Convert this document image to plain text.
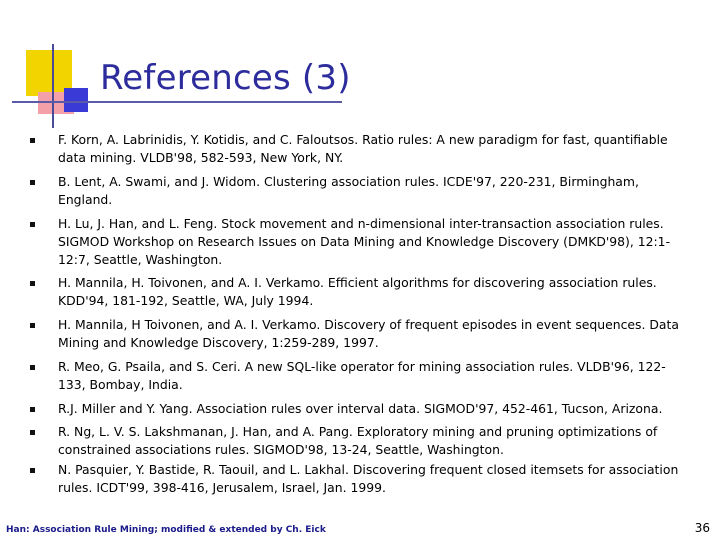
References (3)
F. Korn, A. Labrinidis, Y. Kotidis, and C. Faloutsos. Ratio rules: A new paradigm for fast, quantifiable data mining. VLDB'98, 582-593, New York, NY.
B. Lent, A. Swami, and J. Widom. Clustering association rules. ICDE'97, 220-231, Birmingham, England.
H. Lu, J. Han, and L. Feng. Stock movement and n-dimensional inter-transaction association rules. SIGMOD Workshop on Research Issues on Data Mining and Knowledge Discovery (DMKD'98), 12:1-12:7, Seattle, Washington.
H. Mannila, H. Toivonen, and A. I. Verkamo. Efficient algorithms for discovering association rules. KDD'94, 181-192, Seattle, WA, July 1994.
H. Mannila, H Toivonen, and A. I. Verkamo. Discovery of frequent episodes in event sequences. Data Mining and Knowledge Discovery, 1:259-289, 1997.
R. Meo, G. Psaila, and S. Ceri. A new SQL-like operator for mining association rules. VLDB'96, 122-133, Bombay, India.
R.J. Miller and Y. Yang. Association rules over interval data. SIGMOD'97, 452-461, Tucson, Arizona.
R. Ng, L. V. S. Lakshmanan, J. Han, and A. Pang. Exploratory mining and pruning optimizations of constrained associations rules. SIGMOD'98, 13-24, Seattle, Washington.
N. Pasquier, Y. Bastide, R. Taouil, and L. Lakhal. Discovering frequent closed itemsets for association rules. ICDT'99, 398-416, Jerusalem, Israel, Jan. 1999.
Han: Association Rule Mining; modified & extended by Ch. Eick	36
